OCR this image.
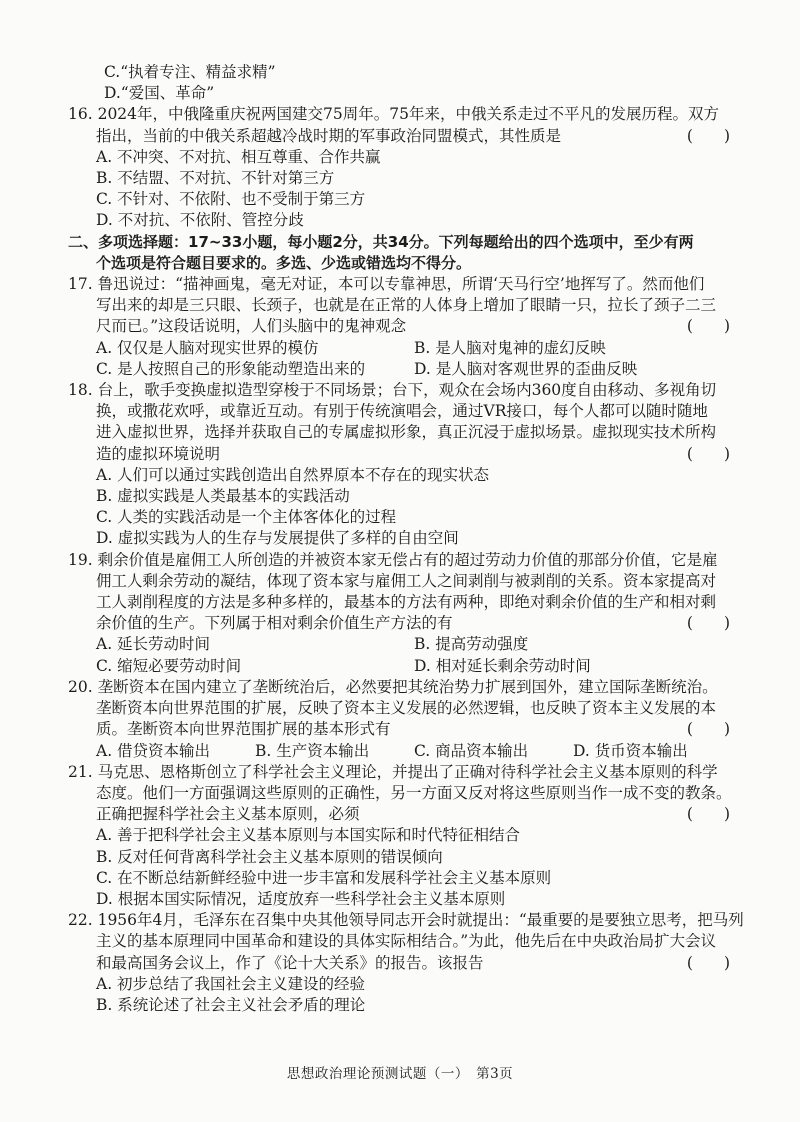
C.“执着专注、精益求精”
D.“爱国、革命”
16. 2024年，中俄隆重庆祝两国建交75周年。75年来，中俄关系走过不平凡的发展历程。双方
指出，当前的中俄关系超越冷战时期的军事政治同盟模式，其性质是	(　　)
A. 不冲突、不对抗、相互尊重、合作共赢
B. 不结盟、不对抗、不针对第三方
C. 不针对、不依附、也不受制于第三方
D. 不对抗、不依附、管控分歧
二、多项选择题：17~33小题，每小题2分，共34分。下列每题给出的四个选项中，至少有两
个选项是符合题目要求的。多选、少选或错选均不得分。
17. 鲁迅说过：“描神画鬼，毫无对证，本可以专靠神思，所谓‘天马行空’地挥写了。然而他们
写出来的却是三只眼、长颈子，也就是在正常的人体身上增加了眼睛一只，拉长了颈子二三
尺而已。”这段话说明，人们头脑中的鬼神观念	(　　)
A. 仅仅是人脑对现实世界的模仿	B. 是人脑对鬼神的虚幻反映
C. 是人按照自己的形象能动塑造出来的	D. 是人脑对客观世界的歪曲反映
18. 台上，歌手变换虚拟造型穿梭于不同场景；台下，观众在会场内360度自由移动、多视角切
换，或撒花欢呼，或靠近互动。有别于传统演唱会，通过VR接口，每个人都可以随时随地
进入虚拟世界，选择并获取自己的专属虚拟形象，真正沉浸于虚拟场景。虚拟现实技术所构
造的虚拟环境说明	(　　)
A. 人们可以通过实践创造出自然界原本不存在的现实状态
B. 虚拟实践是人类最基本的实践活动
C. 人类的实践活动是一个主体客体化的过程
D. 虚拟实践为人的生存与发展提供了多样的自由空间
19. 剩余价值是雇佣工人所创造的并被资本家无偿占有的超过劳动力价值的那部分价值，它是雇
佣工人剩余劳动的凝结，体现了资本家与雇佣工人之间剥削与被剥削的关系。资本家提高对
工人剥削程度的方法是多种多样的，最基本的方法有两种，即绝对剩余价值的生产和相对剩
余价值的生产。下列属于相对剩余价值生产方法的有	(　　)
A. 延长劳动时间	B. 提高劳动强度
C. 缩短必要劳动时间	D. 相对延长剩余劳动时间
20. 垄断资本在国内建立了垄断统治后，必然要把其统治势力扩展到国外，建立国际垄断统治。
垄断资本向世界范围的扩展，反映了资本主义发展的必然逻辑，也反映了资本主义发展的本
质。垄断资本向世界范围扩展的基本形式有	(　　)
A. 借贷资本输出	B. 生产资本输出	C. 商品资本输出	D. 货币资本输出
21. 马克思、恩格斯创立了科学社会主义理论，并提出了正确对待科学社会主义基本原则的科学
态度。他们一方面强调这些原则的正确性，另一方面又反对将这些原则当作一成不变的教条。
正确把握科学社会主义基本原则，必须	(　　)
A. 善于把科学社会主义基本原则与本国实际和时代特征相结合
B. 反对任何背离科学社会主义基本原则的错误倾向
C. 在不断总结新鲜经验中进一步丰富和发展科学社会主义基本原则
D. 根据本国实际情况，适度放弃一些科学社会主义基本原则
22. 1956年4月，毛泽东在召集中央其他领导同志开会时就提出：“最重要的是要独立思考，把马列
主义的基本原理同中国革命和建设的具体实际相结合。”为此，他先后在中央政治局扩大会议
和最高国务会议上，作了《论十大关系》的报告。该报告	(　　)
A. 初步总结了我国社会主义建设的经验
B. 系统论述了社会主义社会矛盾的理论
思想政治理论预测试题（一）　第3页
